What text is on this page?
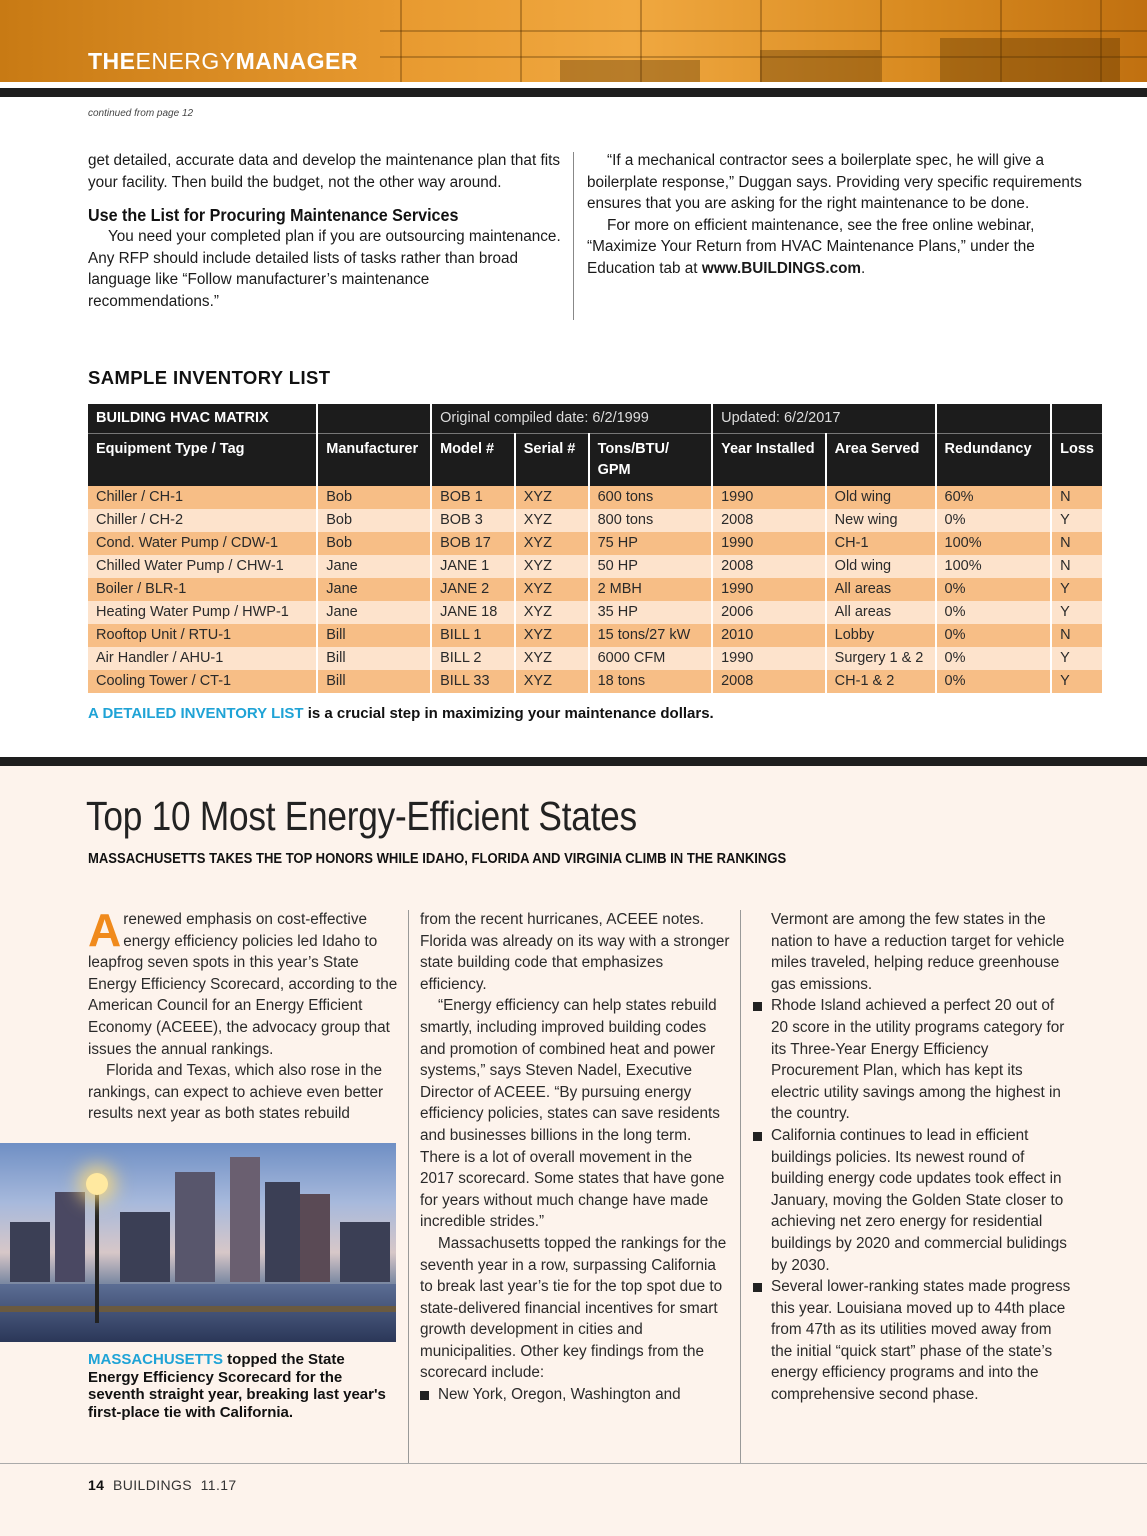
THEENERGYMANAGER
continued from page 12

get detailed, accurate data and develop the maintenance plan that fits your facility. Then build the budget, not the other way around.

Use the List for Procuring Maintenance Services

You need your completed plan if you are outsourcing maintenance. Any RFP should include detailed lists of tasks rather than broad language like “Follow manufacturer’s maintenance recommendations.”

“If a mechanical contractor sees a boilerplate spec, he will give a boilerplate response,” Duggan says. Providing very specific requirements ensures that you are asking for the right maintenance to be done.

For more on efficient maintenance, see the free online webinar, “Maximize Your Return from HVAC Maintenance Plans,” under the Education tab at www.BUILDINGS.com.

SAMPLE INVENTORY LIST
BUILDING HVAC MATRIX		Original compiled date: 6/2/1999			Updated: 6/2/2017			
Equipment Type / Tag	Manufacturer	Model #	Serial #	Tons/BTU/ GPM	Year Installed	Area Served	Redundancy	Loss
Chiller / CH-1	Bob	BOB 1	XYZ	600 tons	1990	Old wing	60%	N
Chiller / CH-2	Bob	BOB 3	XYZ	800 tons	2008	New wing	0%	Y
Cond. Water Pump / CDW-1	Bob	BOB 17	XYZ	75 HP	1990	CH-1	100%	N
Chilled Water Pump / CHW-1	Jane	JANE 1	XYZ	50 HP	2008	Old wing	100%	N
Boiler / BLR-1	Jane	JANE 2	XYZ	2 MBH	1990	All areas	0%	Y
Heating Water Pump / HWP-1	Jane	JANE 18	XYZ	35 HP	2006	All areas	0%	Y
Rooftop Unit / RTU-1	Bill	BILL 1	XYZ	15 tons/27 kW	2010	Lobby	0%	N
Air Handler / AHU-1	Bill	BILL 2	XYZ	6000 CFM	1990	Surgery 1 & 2	0%	Y
Cooling Tower / CT-1	Bill	BILL 33	XYZ	18 tons	2008	CH-1 & 2	0%	Y
A DETAILED INVENTORY LIST is a crucial step in maximizing your maintenance dollars.
Top 10 Most Energy-Efficient States
MASSACHUSETTS TAKES THE TOP HONORS WHILE IDAHO, FLORIDA AND VIRGINIA CLIMB IN THE RANKINGS

Arenewed emphasis on cost-effective energy efficiency policies led Idaho to leapfrog seven spots in this year’s State Energy Efficiency Scorecard, according to the American Council for an Energy Efficient Economy (ACEEE), the advocacy group that issues the annual rankings.

Florida and Texas, which also rose in the rankings, can expect to achieve even better results next year as both states rebuild

MASSACHUSETTS topped the State Energy Efficiency Scorecard for the seventh straight year, breaking last year's first-place tie with California.

from the recent hurricanes, ACEEE notes. Florida was already on its way with a stronger state building code that emphasizes efficiency.

“Energy efficiency can help states rebuild smartly, including improved building codes and promotion of combined heat and power systems,” says Steven Nadel, Executive Director of ACEEE. “By pursuing energy efficiency policies, states can save residents and businesses billions in the long term. There is a lot of overall movement in the 2017 scorecard. Some states that have gone for years without much change have made incredible strides.”

Massachusetts topped the rankings for the seventh year in a row, surpassing California to break last year’s tie for the top spot due to state-delivered financial incentives for smart growth development in cities and municipalities. Other key findings from the scorecard include:

New York, Oregon, Washington and

Vermont are among the few states in the nation to have a reduction target for vehicle miles traveled, helping reduce greenhouse gas emissions.

Rhode Island achieved a perfect 20 out of 20 score in the utility programs category for its Three-Year Energy Efficiency Procurement Plan, which has kept its electric utility savings among the highest in the country.

California continues to lead in efficient buildings policies. Its newest round of building energy code updates took effect in January, moving the Golden State closer to achieving net zero energy for residential buildings by 2020 and commercial bulidings by 2030.

Several lower-ranking states made progress this year. Louisiana moved up to 44th place from 47th as its utilities moved away from the initial “quick start” phase of the state’s energy efficiency programs and into the comprehensive second phase.

14 BUILDINGS 11.17
